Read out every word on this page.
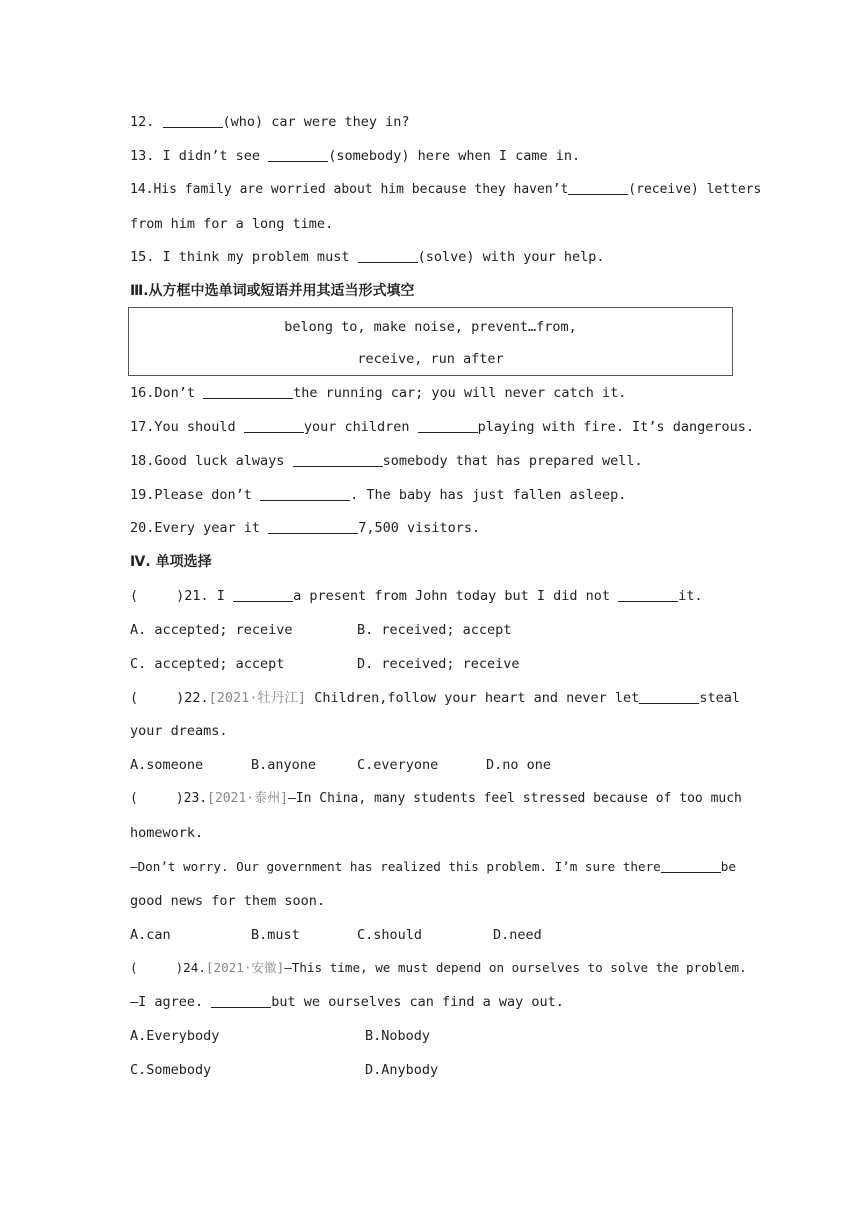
12.	(who) car were they in?
13. I didn’t see	(somebody) here when I came in.
14.His family are worried about him because they haven’t	(receive) letters
from him for a long time.
15. I think my problem must	(solve) with your help.
Ⅲ.从方框中选单词或短语并用其适当形式填空
belong to, make noise, prevent…from,
receive, run after
16.Don’t	the running car; you will never catch it.
17.You should	your children	playing with fire. It’s dangerous.
18.Good luck always	somebody that has prepared well.
19.Please don’t	. The baby has just fallen asleep.
20.Every year it	7,500 visitors.
Ⅳ. 单项选择
(	)21. I	a present from John today but I did not	it.
A. accepted; receive	B. received; accept
C. accepted; accept	D. received; receive
(	)22.[2021·牡丹江] Children,follow your heart and never let	steal
your dreams.
A.someone	B.anyone	C.everyone	D.no one
(	)23.[2021·泰州] —In China, many students feel stressed because of too much
homework.
—Don’t worry. Our government has realized this problem. I’m sure there	be
good news for them soon.
A.can	B.must	C.should	D.need
(	)24.[2021·安徽] —This time, we must depend on ourselves to solve the problem.
—I agree.	but we ourselves can find a way out.
A.Everybody	B.Nobody
C.Somebody	D.Anybody
